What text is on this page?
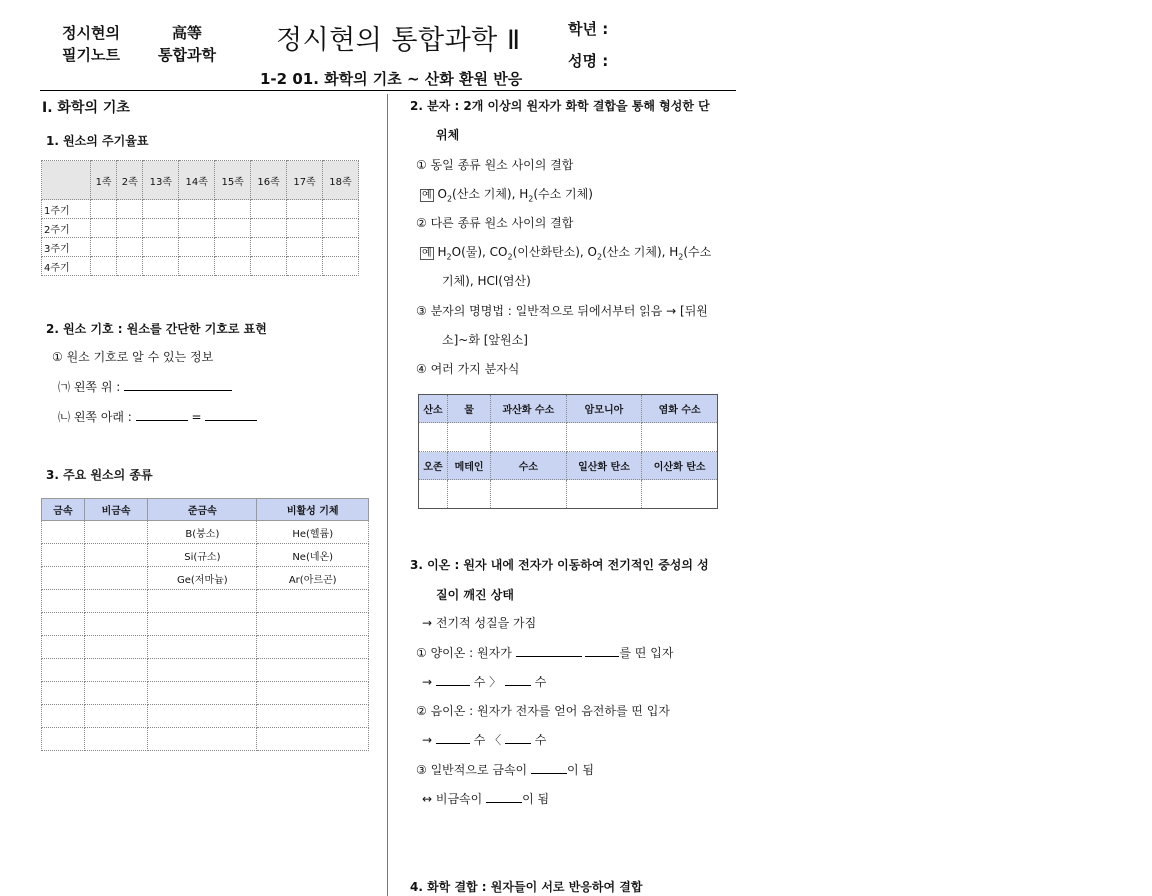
정시현의
필기노트
高等
통합과학 정시현의 통합과학 Ⅱ	학년 :
성명 :
1-2 01. 화학의 기초 ~ 산화 환원 반응
Ⅰ. 화학의 기초
1. 원소의 주기율표
	1족	2족	13족	14족	15족	16족	17족	18족
1주기								
2주기								
3주기								
4주기								
2. 원소 기호 : 원소를 간단한 기호로 표현
① 원소 기호로 알 수 있는 정보
㈀ 왼쪽 위 :
㈁ 왼쪽 아래 :	=
3. 주요 원소의 종류
금속	비금속	준금속	비활성 기체
		B(붕소)	He(헬륨)
		Si(규소)	Ne(네온)
		Ge(저마늄)	Ar(아르곤)

2. 분자 : 2개 이상의 원자가 화학 결합을 통해 형성한 단
위체
① 동일 종류 원소 사이의 결합
예 $O_2$(산소 기체), $H_2$(수소 기체)
② 다른 종류 원소 사이의 결합
예 $H_2O$(물), $CO_2$(이산화탄소), $O_2$(산소 기체), $H_2$(수소
기체), HCl(염산)
③ 분자의 명명법 : 일반적으로 뒤에서부터 읽음 → [뒤원
소]~화 [앞원소]
④ 여러 가지 분자식
산소	물	과산화 수소	암모니아	염화 수소

오존	메테인	수소	일산화 탄소	이산화 탄소

3. 이온 : 원자 내에 전자가 이동하여 전기적인 중성의 성
질이 깨진 상태
→ 전기적 성질을 가짐
① 양이온 : 원자가	를 띤 입자
→	수 〉	수
② 음이온 : 원자가 전자를 얻어 음전하를 띤 입자
→	수 〈	수
③ 일반적으로 금속이	이 됨
↔ 비금속이	이 됨
4. 화학 결합 : 원자들이 서로 반응하여 결합
